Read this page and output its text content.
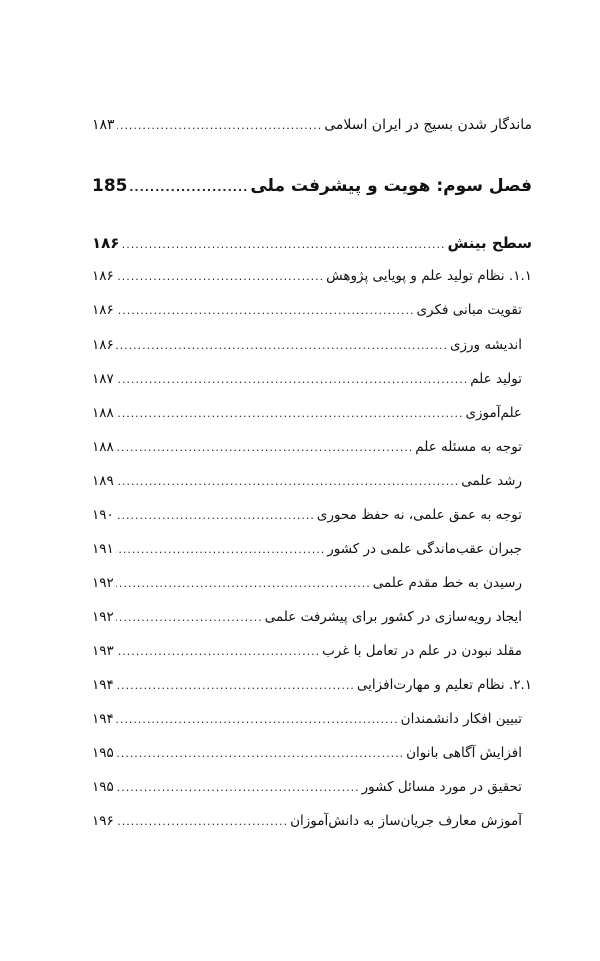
ماندگار شدن بسیج در ایران اسلامی
.....
۱۸۳
فصل سوم: هویت و پیشرفت ملی
.....
185
سطح بینش
.....
۱۸۶
۱.۱. نظام تولید علم و پویایی پژوهش
.....
۱۸۶
تقویت مبانی فکری
.....
۱۸۶
اندیشه ورزی
.....
۱۸۶
تولید علم
.....
۱۸۷
علم‌آموزی
.....
۱۸۸
توجه به مسئله علم
.....
۱۸۸
رشد علمی
.....
۱۸۹
توجه به عمق علمی، نه حفظ محوری
.....
۱۹۰
جبران عقب‌ماندگی علمی در کشور
.....
۱۹۱
رسیدن به خط مقدم علمی
.....
۱۹۲
ایجاد رویه‌سازی در کشور برای پیشرفت علمی
.....
۱۹۲
مقلد نبودن در علم در تعامل با غرب
.....
۱۹۳
۲.۱. نظام تعلیم و مهارت‌افزایی
.....
۱۹۴
تبیین افکار دانشمندان
.....
۱۹۴
افزایش آگاهی بانوان
.....
۱۹۵
تحقیق در مورد مسائل کشور
.....
۱۹۵
آموزش معارف جریان‌ساز به دانش‌آموزان
.....
۱۹۶
